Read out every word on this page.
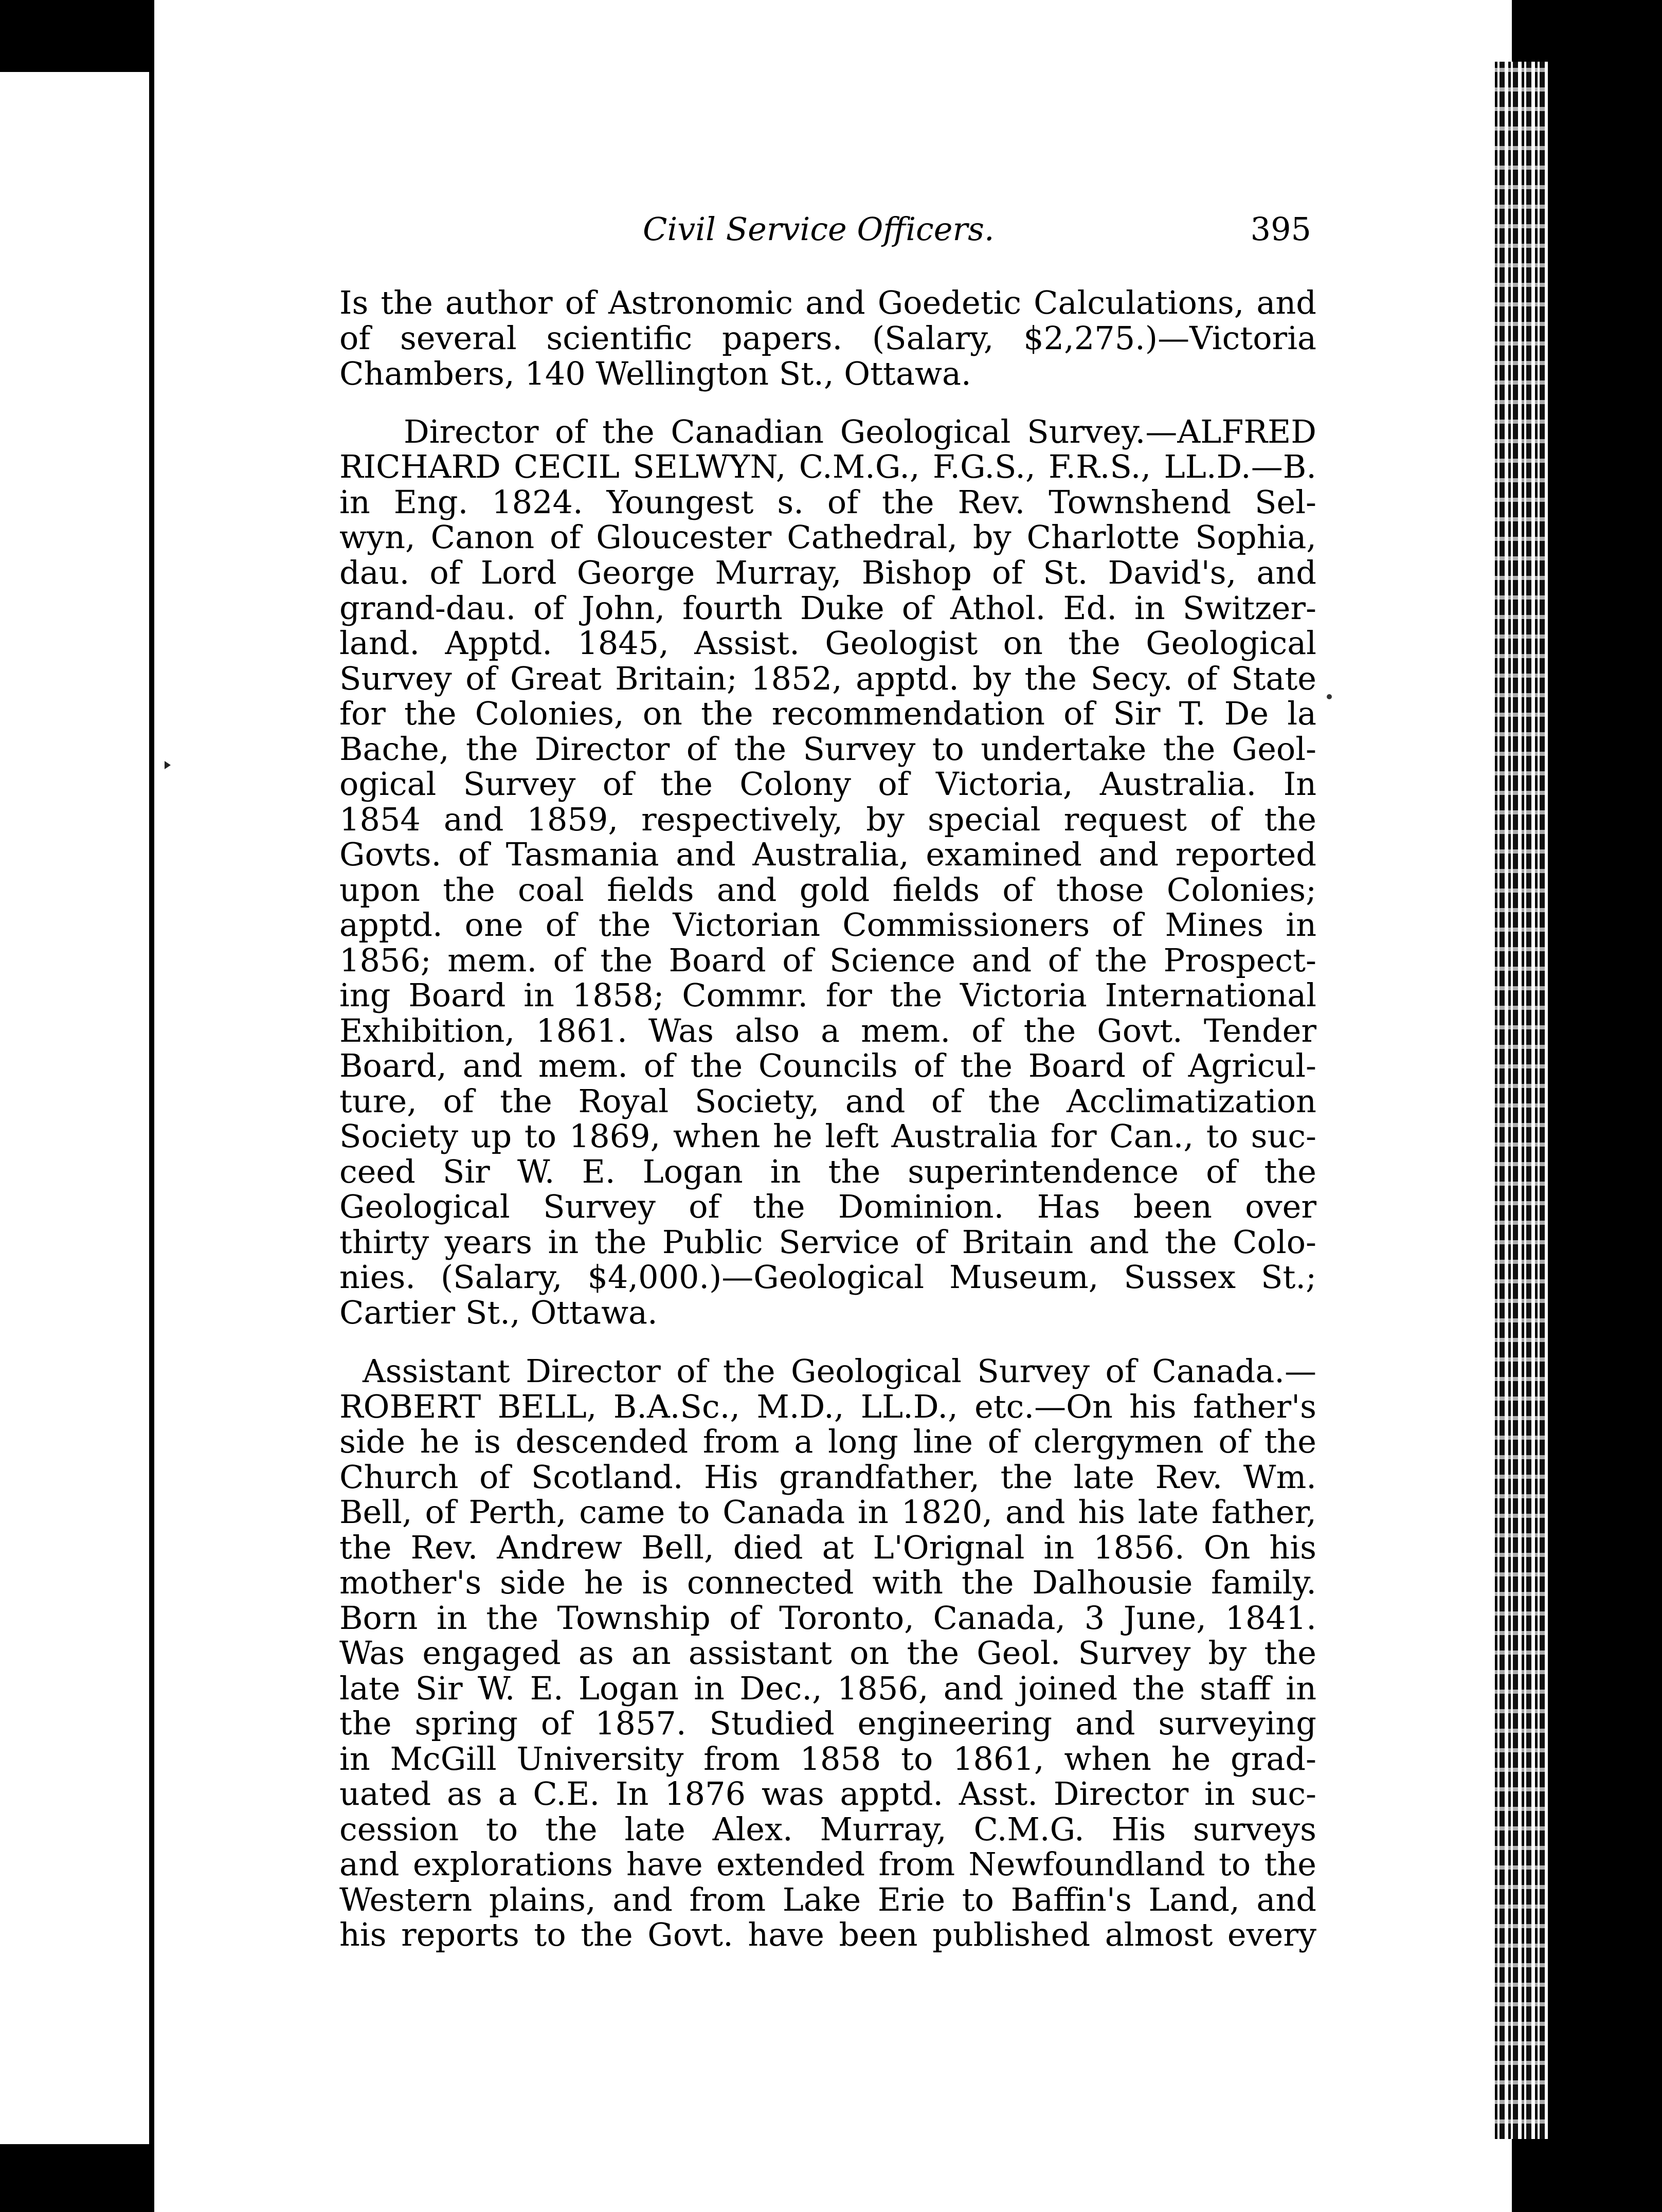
Civil Service Officers.	395
Is the author of Astronomic and Goedetic Calculations, and
of several scientific papers. (Salary, $2,275.)—Victoria
Chambers, 140 Wellington St., Ottawa.
Director of the Canadian Geological Survey.—ALFRED
RICHARD CECIL SELWYN, C.M.G., F.G.S., F.R.S., LL.D.—B.
in Eng. 1824. Youngest s. of the Rev. Townshend Sel-
wyn, Canon of Gloucester Cathedral, by Charlotte Sophia,
dau. of Lord George Murray, Bishop of St. David's, and
grand-dau. of John, fourth Duke of Athol. Ed. in Switzer-
land. Apptd. 1845, Assist. Geologist on the Geological
Survey of Great Britain; 1852, apptd. by the Secy. of State
for the Colonies, on the recommendation of Sir T. De la
Bache, the Director of the Survey to undertake the Geol-
ogical Survey of the Colony of Victoria, Australia. In
1854 and 1859, respectively, by special request of the
Govts. of Tasmania and Australia, examined and reported
upon the coal fields and gold fields of those Colonies;
apptd. one of the Victorian Commissioners of Mines in
1856; mem. of the Board of Science and of the Prospect-
ing Board in 1858; Commr. for the Victoria International
Exhibition, 1861. Was also a mem. of the Govt. Tender
Board, and mem. of the Councils of the Board of Agricul-
ture, of the Royal Society, and of the Acclimatization
Society up to 1869, when he left Australia for Can., to suc-
ceed Sir W. E. Logan in the superintendence of the
Geological Survey of the Dominion. Has been over
thirty years in the Public Service of Britain and the Colo-
nies. (Salary, $4,000.)—Geological Museum, Sussex St.;
Cartier St., Ottawa.
Assistant Director of the Geological Survey of Canada.—
ROBERT BELL, B.A.Sc., M.D., LL.D., etc.—On his father's
side he is descended from a long line of clergymen of the
Church of Scotland. His grandfather, the late Rev. Wm.
Bell, of Perth, came to Canada in 1820, and his late father,
the Rev. Andrew Bell, died at L'Orignal in 1856. On his
mother's side he is connected with the Dalhousie family.
Born in the Township of Toronto, Canada, 3 June, 1841.
Was engaged as an assistant on the Geol. Survey by the
late Sir W. E. Logan in Dec., 1856, and joined the staff in
the spring of 1857. Studied engineering and surveying
in McGill University from 1858 to 1861, when he grad-
uated as a C.E. In 1876 was apptd. Asst. Director in suc-
cession to the late Alex. Murray, C.M.G. His surveys
and explorations have extended from Newfoundland to the
Western plains, and from Lake Erie to Baffin's Land, and
his reports to the Govt. have been published almost every
